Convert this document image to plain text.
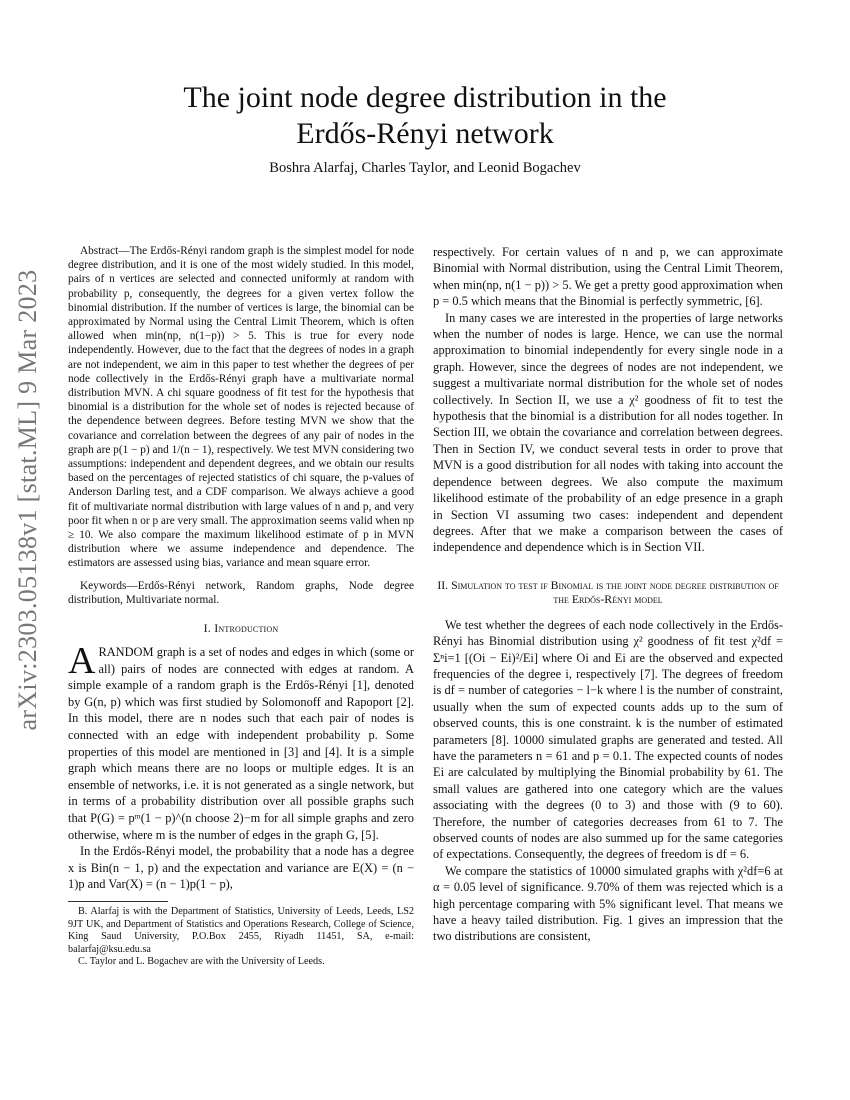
arXiv:2303.05138v1 [stat.ML] 9 Mar 2023
The joint node degree distribution in the
Erdős-Rényi network
Boshra Alarfaj, Charles Taylor, and Leonid Bogachev

Abstract—The Erdős-Rényi random graph is the simplest model for node degree distribution, and it is one of the most widely studied. In this model, pairs of n vertices are selected and connected uniformly at random with probability p, consequently, the degrees for a given vertex follow the binomial distribution. If the number of vertices is large, the binomial can be approximated by Normal using the Central Limit Theorem, which is often allowed when min(np, n(1−p)) > 5. This is true for every node independently. However, due to the fact that the degrees of nodes in a graph are not independent, we aim in this paper to test whether the degrees of per node collectively in the Erdős-Rényi graph have a multivariate normal distribution MVN. A chi square goodness of fit test for the hypothesis that binomial is a distribution for the whole set of nodes is rejected because of the dependence between degrees. Before testing MVN we show that the covariance and correlation between the degrees of any pair of nodes in the graph are p(1 − p) and 1/(n − 1), respectively. We test MVN considering two assumptions: independent and dependent degrees, and we obtain our results based on the percentages of rejected statistics of chi square, the p-values of Anderson Darling test, and a CDF comparison. We always achieve a good fit of multivariate normal distribution with large values of n and p, and very poor fit when n or p are very small. The approximation seems valid when np ≥ 10. We also compare the maximum likelihood estimate of p in MVN distribution where we assume independence and dependence. The estimators are assessed using bias, variance and mean square error.

Keywords—Erdős-Rényi network, Random graphs, Node degree distribution, Multivariate normal.

I. Introduction

ARANDOM graph is a set of nodes and edges in which (some or all) pairs of nodes are connected with edges at random. A simple example of a random graph is the Erdős-Rényi [1], denoted by G(n, p) which was first studied by Solomonoff and Rapoport [2]. In this model, there are n nodes such that each pair of nodes is connected with an edge with independent probability p. Some properties of this model are mentioned in [3] and [4]. It is a simple graph which means there are no loops or multiple edges. It is an ensemble of networks, i.e. it is not generated as a single network, but in terms of a probability distribution over all possible graphs such that P(G) = pᵐ(1 − p)^(n choose 2)−m for all simple graphs and zero otherwise, where m is the number of edges in the graph G, [5].

In the Erdős-Rényi model, the probability that a node has a degree x is Bin(n − 1, p) and the expectation and variance are E(X) = (n − 1)p and Var(X) = (n − 1)p(1 − p),

B. Alarfaj is with the Department of Statistics, University of Leeds, Leeds, LS2 9JT UK, and Department of Statistics and Operations Research, College of Science, King Saud University, P.O.Box 2455, Riyadh 11451, SA, e-mail: balarfaj@ksu.edu.sa

C. Taylor and L. Bogachev are with the University of Leeds.

respectively. For certain values of n and p, we can approximate Binomial with Normal distribution, using the Central Limit Theorem, when min(np, n(1 − p)) > 5. We get a pretty good approximation when p = 0.5 which means that the Binomial is perfectly symmetric, [6].

In many cases we are interested in the properties of large networks when the number of nodes is large. Hence, we can use the normal approximation to binomial independently for every single node in a graph. However, since the degrees of nodes are not independent, we suggest a multivariate normal distribution for the whole set of nodes collectively. In Section II, we use a χ² goodness of fit to test the hypothesis that the binomial is a distribution for all nodes together. In Section III, we obtain the covariance and correlation between degrees. Then in Section IV, we conduct several tests in order to prove that MVN is a good distribution for all nodes with taking into account the dependence between degrees. We also compute the maximum likelihood estimate of the probability of an edge presence in a graph in Section VI assuming two cases: independent and dependent degrees. After that we make a comparison between the cases of independence and dependence which is in Section VII.

II. Simulation to test if Binomial is the joint node degree distribution of the Erdős-Rényi model

We test whether the degrees of each node collectively in the Erdős-Rényi has Binomial distribution using χ² goodness of fit test χ²df = Σⁿi=1 [(Oi − Ei)²/Ei] where Oi and Ei are the observed and expected frequencies of the degree i, respectively [7]. The degrees of freedom is df = number of categories − l−k where l is the number of constraint, usually when the sum of expected counts adds up to the sum of observed counts, this is one constraint. k is the number of estimated parameters [8]. 10000 simulated graphs are generated and tested. All have the parameters n = 61 and p = 0.1. The expected counts of nodes Ei are calculated by multiplying the Binomial probability by 61. The small values are gathered into one category which are the values associating with the degrees (0 to 3) and those with (9 to 60). Therefore, the number of categories decreases from 61 to 7. The observed counts of nodes are also summed up for the same categories of expectations. Consequently, the degrees of freedom is df = 6.

We compare the statistics of 10000 simulated graphs with χ²df=6 at α = 0.05 level of significance. 9.70% of them was rejected which is a high percentage comparing with 5% significant level. That means we have a heavy tailed distribution. Fig. 1 gives an impression that the two distributions are consistent,
